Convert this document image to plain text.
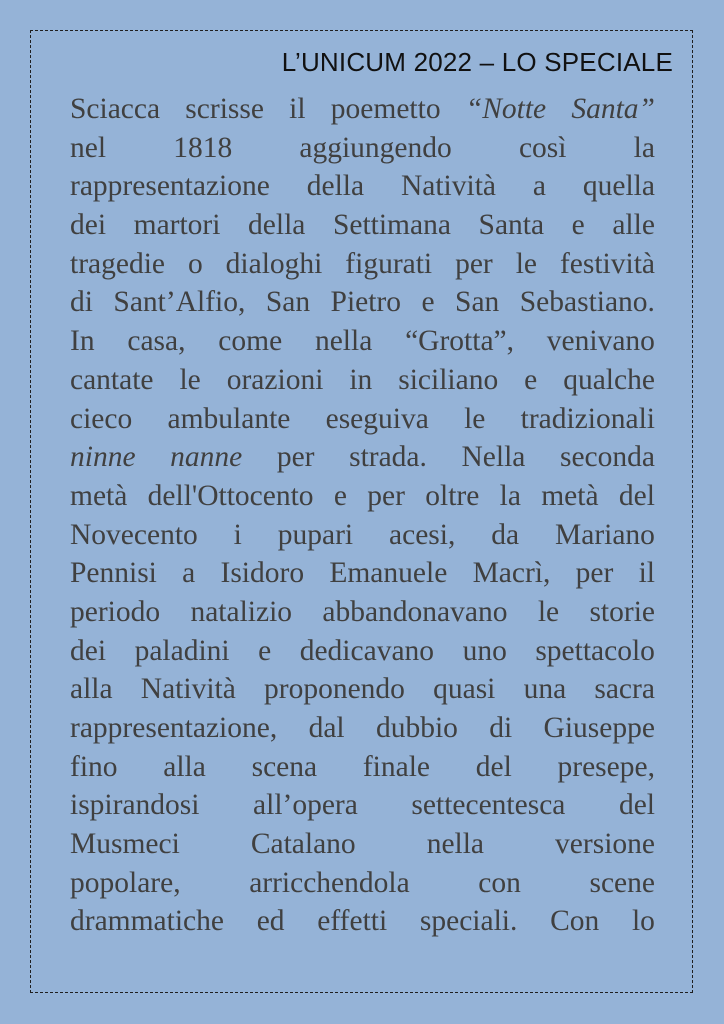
L’UNICUM 2022 – LO SPECIALE
Sciacca scrisse il poemetto “Notte Santa”
nel 1818 aggiungendo così la
rappresentazione della Natività a quella
dei martori della Settimana Santa e alle
tragedie o dialoghi figurati per le festività
di Sant’Alfio, San Pietro e San Sebastiano.
In casa, come nella “Grotta”, venivano
cantate le orazioni in siciliano e qualche
cieco ambulante eseguiva le tradizionali
ninne nanne per strada. Nella seconda
metà dell'Ottocento e per oltre la metà del
Novecento i pupari acesi, da Mariano
Pennisi a Isidoro Emanuele Macrì, per il
periodo natalizio abbandonavano le storie
dei paladini e dedicavano uno spettacolo
alla Natività proponendo quasi una sacra
rappresentazione, dal dubbio di Giuseppe
fino alla scena finale del presepe,
ispirandosi all’opera settecentesca del
Musmeci Catalano nella versione
popolare, arricchendola con scene
drammatiche ed effetti speciali. Con lo
